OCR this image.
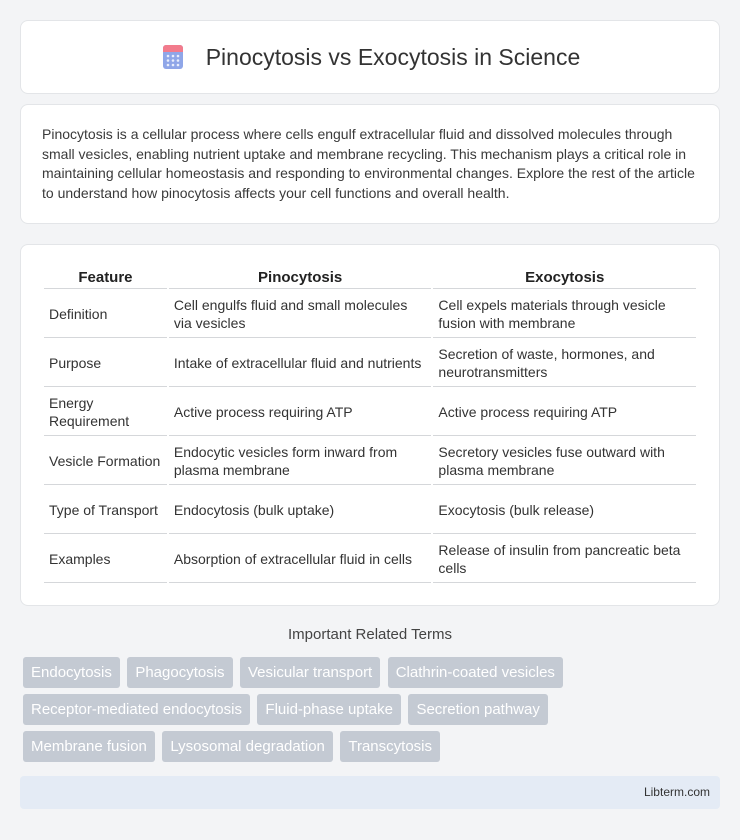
Pinocytosis vs Exocytosis in Science

Pinocytosis is a cellular process where cells engulf extracellular fluid and dissolved molecules through small vesicles, enabling nutrient uptake and membrane recycling. This mechanism plays a critical role in maintaining cellular homeostasis and responding to environmental changes. Explore the rest of the article to understand how pinocytosis affects your cell functions and overall health.

Feature	Pinocytosis	Exocytosis
Definition	Cell engulfs fluid and small molecules via vesicles	Cell expels materials through vesicle fusion with membrane
Purpose	Intake of extracellular fluid and nutrients	Secretion of waste, hormones, and neurotransmitters
Energy Requirement	Active process requiring ATP	Active process requiring ATP
Vesicle Formation	Endocytic vesicles form inward from plasma membrane	Secretory vesicles fuse outward with plasma membrane
Type of Transport	Endocytosis (bulk uptake)	Exocytosis (bulk release)
Examples	Absorption of extracellular fluid in cells	Release of insulin from pancreatic beta cells
Important Related Terms
Endocytosis Phagocytosis Vesicular transport Clathrin-coated vesicles
Receptor-mediated endocytosis Fluid-phase uptake Secretion pathway
Membrane fusion Lysosomal degradation Transcytosis
Libterm.com
